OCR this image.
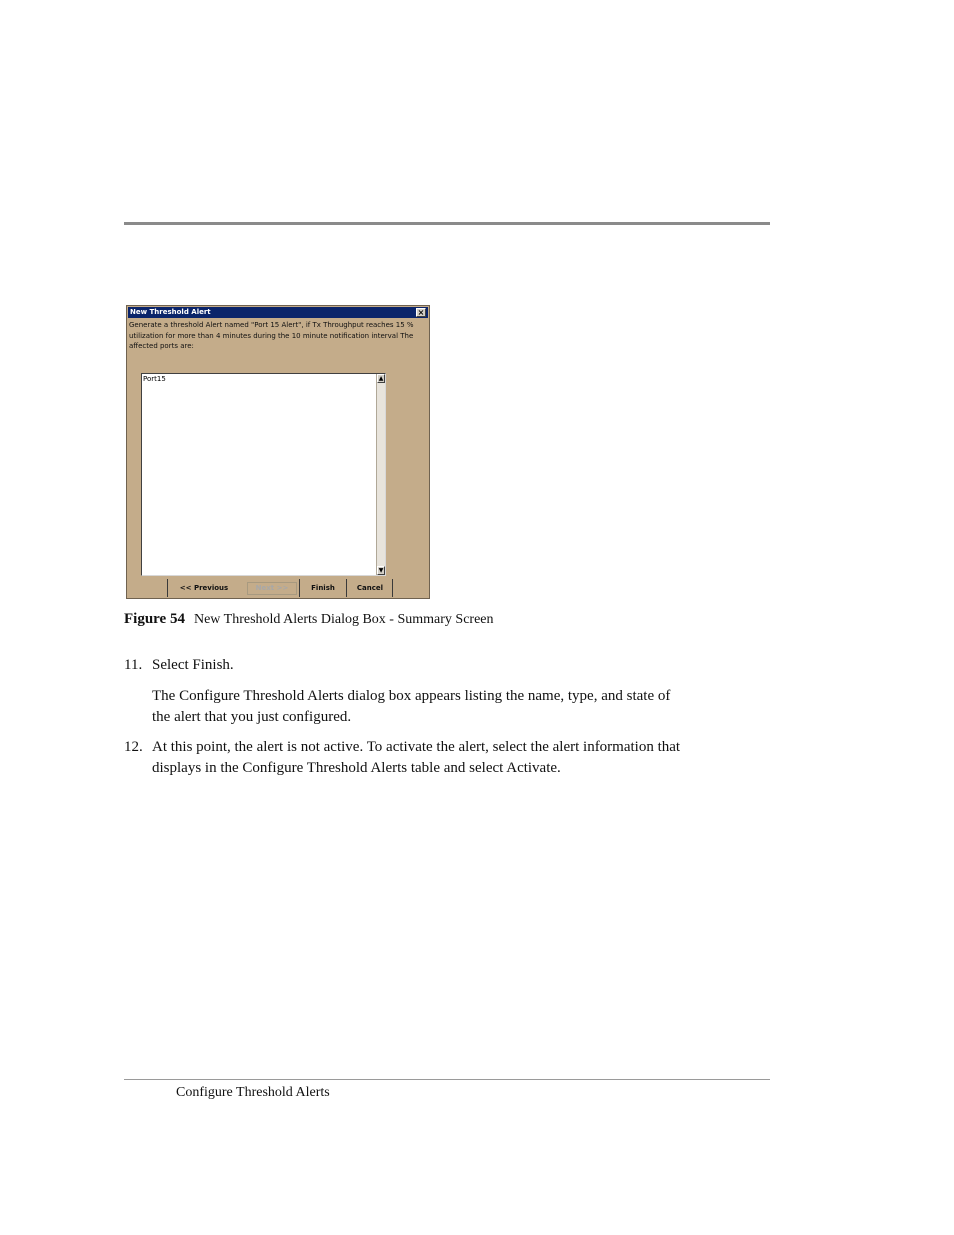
New Threshold Alert	×
Generate a threshold Alert named "Port 15 Alert", if Tx Throughput reaches 15 %
utilization for more than 4 minutes during the 10 minute notification interval The
affected ports are:
Port15	▲
▼
<< Previous	Next >>	Finish	Cancel
Figure 54 New Threshold Alerts Dialog Box - Summary Screen
11. Select Finish.
The Configure Threshold Alerts dialog box appears listing the name, type, and state of
the alert that you just configured.
12. At this point, the alert is not active. To activate the alert, select the alert information that
displays in the Configure Threshold Alerts table and select Activate.
Configure Threshold Alerts
